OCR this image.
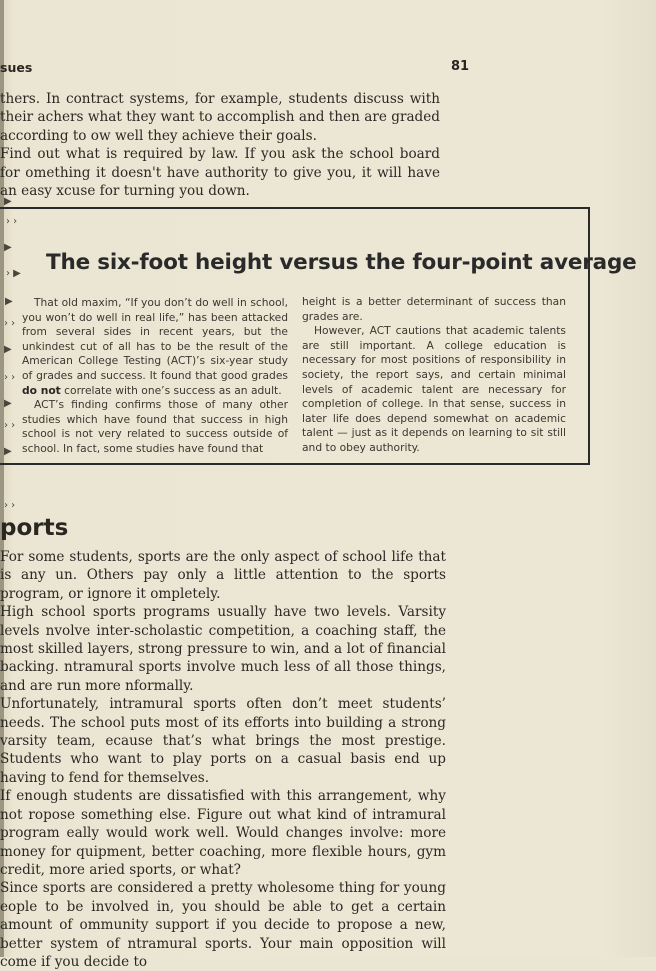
sues	81

thers. In contract systems, for example, students discuss with their achers what they want to accomplish and then are graded according to ow well they achieve their goals.

Find out what is required by law. If you ask the school board for omething it doesn't have authority to give you, it will have an easy xcuse for turning you down.

The six-foot height versus the four-point average

That old maxim, “If you don’t do well in school, you won’t do well in real life,” has been attacked from several sides in recent years, but the unkindest cut of all has to be the result of the American College Testing (ACT)’s six-year study of grades and success. It found that good grades do not correlate with one’s success as an adult.

ACT’s finding confirms those of many other studies which have found that success in high school is not very related to success outside of school. In fact, some studies have found that

height is a better determinant of success than grades are.

However, ACT cautions that academic talents are still important. A college education is necessary for most positions of responsibility in society, the report says, and certain minimal levels of academic talent are necessary for completion of college. In that sense, success in later life does depend somewhat on academic talent — just as it depends on learning to sit still and to obey authority.

ports

For some students, sports are the only aspect of school life that is any un. Others pay only a little attention to the sports program, or ignore it ompletely.

High school sports programs usually have two levels. Varsity levels nvolve inter-scholastic competition, a coaching staff, the most skilled layers, strong pressure to win, and a lot of financial backing. ntramural sports involve much less of all those things, and are run more nformally.

Unfortunately, intramural sports often don’t meet students’ needs. The school puts most of its efforts into building a strong varsity team, ecause that’s what brings the most prestige. Students who want to play ports on a casual basis end up having to fend for themselves.

If enough students are dissatisfied with this arrangement, why not ropose something else. Figure out what kind of intramural program eally would work well. Would changes involve: more money for quipment, better coaching, more flexible hours, gym credit, more aried sports, or what?

Since sports are considered a pretty wholesome thing for young eople to be involved in, you should be able to get a certain amount of ommunity support if you decide to propose a new, better system of ntramural sports. Your main opposition will come if you decide to

▶
› ›
▶
› ▶
▶
› ›
▶
› ›
▶
› ›
▶
› ›
